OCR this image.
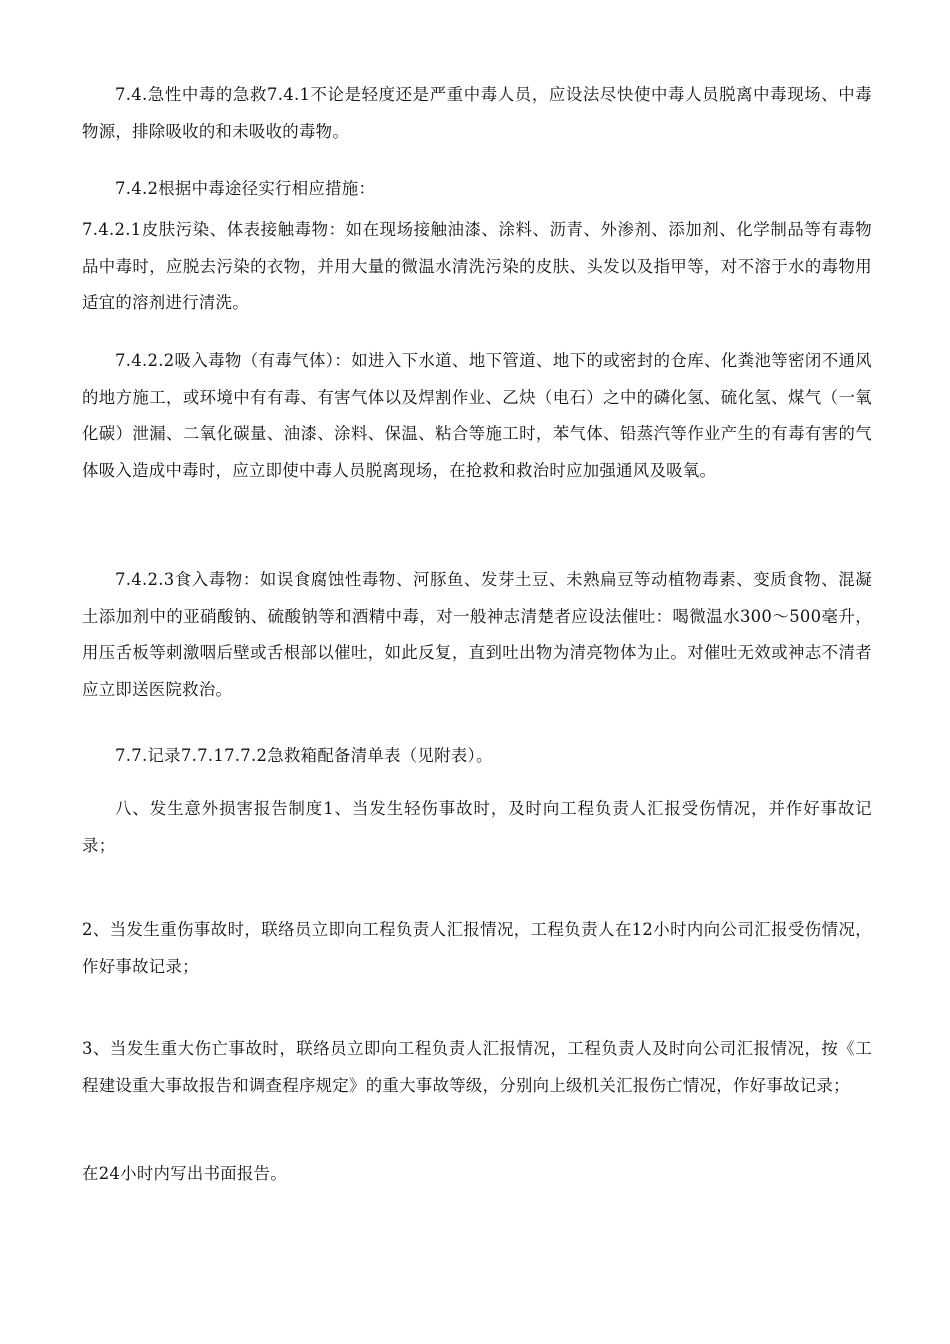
7.4.急性中毒的急救7.4.1不论是轻度还是严重中毒人员，应设法尽快使中毒人员脱离中毒现场、中毒物源，排除吸收的和未吸收的毒物。

7.4.2根据中毒途径实行相应措施：

7.4.2.1皮肤污染、体表接触毒物：如在现场接触油漆、涂料、沥青、外渗剂、添加剂、化学制品等有毒物品中毒时，应脱去污染的衣物，并用大量的微温水清洗污染的皮肤、头发以及指甲等，对不溶于水的毒物用适宜的溶剂进行清洗。

7.4.2.2吸入毒物（有毒气体）：如进入下水道、地下管道、地下的或密封的仓库、化粪池等密闭不通风的地方施工，或环境中有有毒、有害气体以及焊割作业、乙炔（电石）之中的磷化氢、硫化氢、煤气（一氧化碳）泄漏、二氧化碳量、油漆、涂料、保温、粘合等施工时，苯气体、铅蒸汽等作业产生的有毒有害的气体吸入造成中毒时，应立即使中毒人员脱离现场，在抢救和救治时应加强通风及吸氧。

7.4.2.3食入毒物：如误食腐蚀性毒物、河豚鱼、发芽土豆、未熟扁豆等动植物毒素、变质食物、混凝土添加剂中的亚硝酸钠、硫酸钠等和酒精中毒，对一般神志清楚者应设法催吐：喝微温水300～500毫升，用压舌板等刺激咽后壁或舌根部以催吐，如此反复，直到吐出物为清亮物体为止。对催吐无效或神志不清者应立即送医院救治。

7.7.记录7.7.17.7.2急救箱配备清单表（见附表）。

八、发生意外损害报告制度1、当发生轻伤事故时，及时向工程负责人汇报受伤情况，并作好事故记录；

2、当发生重伤事故时，联络员立即向工程负责人汇报情况，工程负责人在12小时内向公司汇报受伤情况，作好事故记录；

3、当发生重大伤亡事故时，联络员立即向工程负责人汇报情况，工程负责人及时向公司汇报情况，按《工程建设重大事故报告和调查程序规定》的重大事故等级，分别向上级机关汇报伤亡情况，作好事故记录；

在24小时内写出书面报告。
